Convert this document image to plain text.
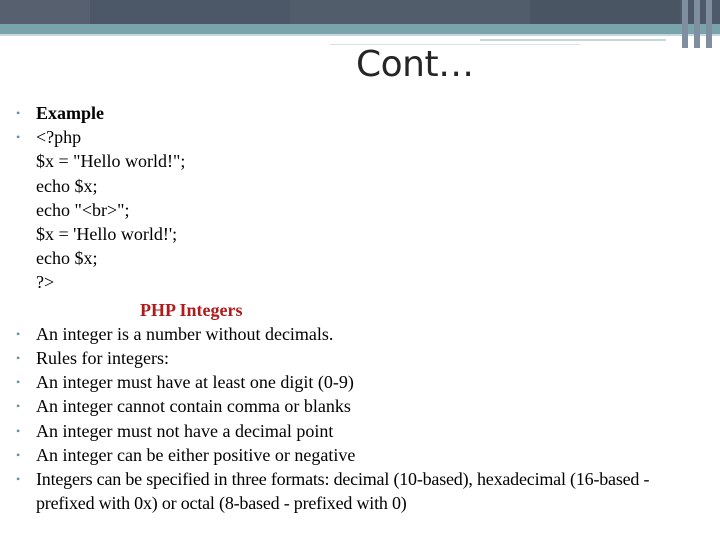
Cont…
• Example
• <?php
$x = "Hello world!";
echo $x;
echo "<br>";
$x = 'Hello world!';
echo $x;
?>
PHP Integers
• An integer is a number without decimals.
• Rules for integers:
• An integer must have at least one digit (0-9)
• An integer cannot contain comma or blanks
• An integer must not have a decimal point
• An integer can be either positive or negative
• Integers can be specified in three formats: decimal (10-based), hexadecimal (16-based - prefixed with 0x) or octal (8-based - prefixed with 0)
